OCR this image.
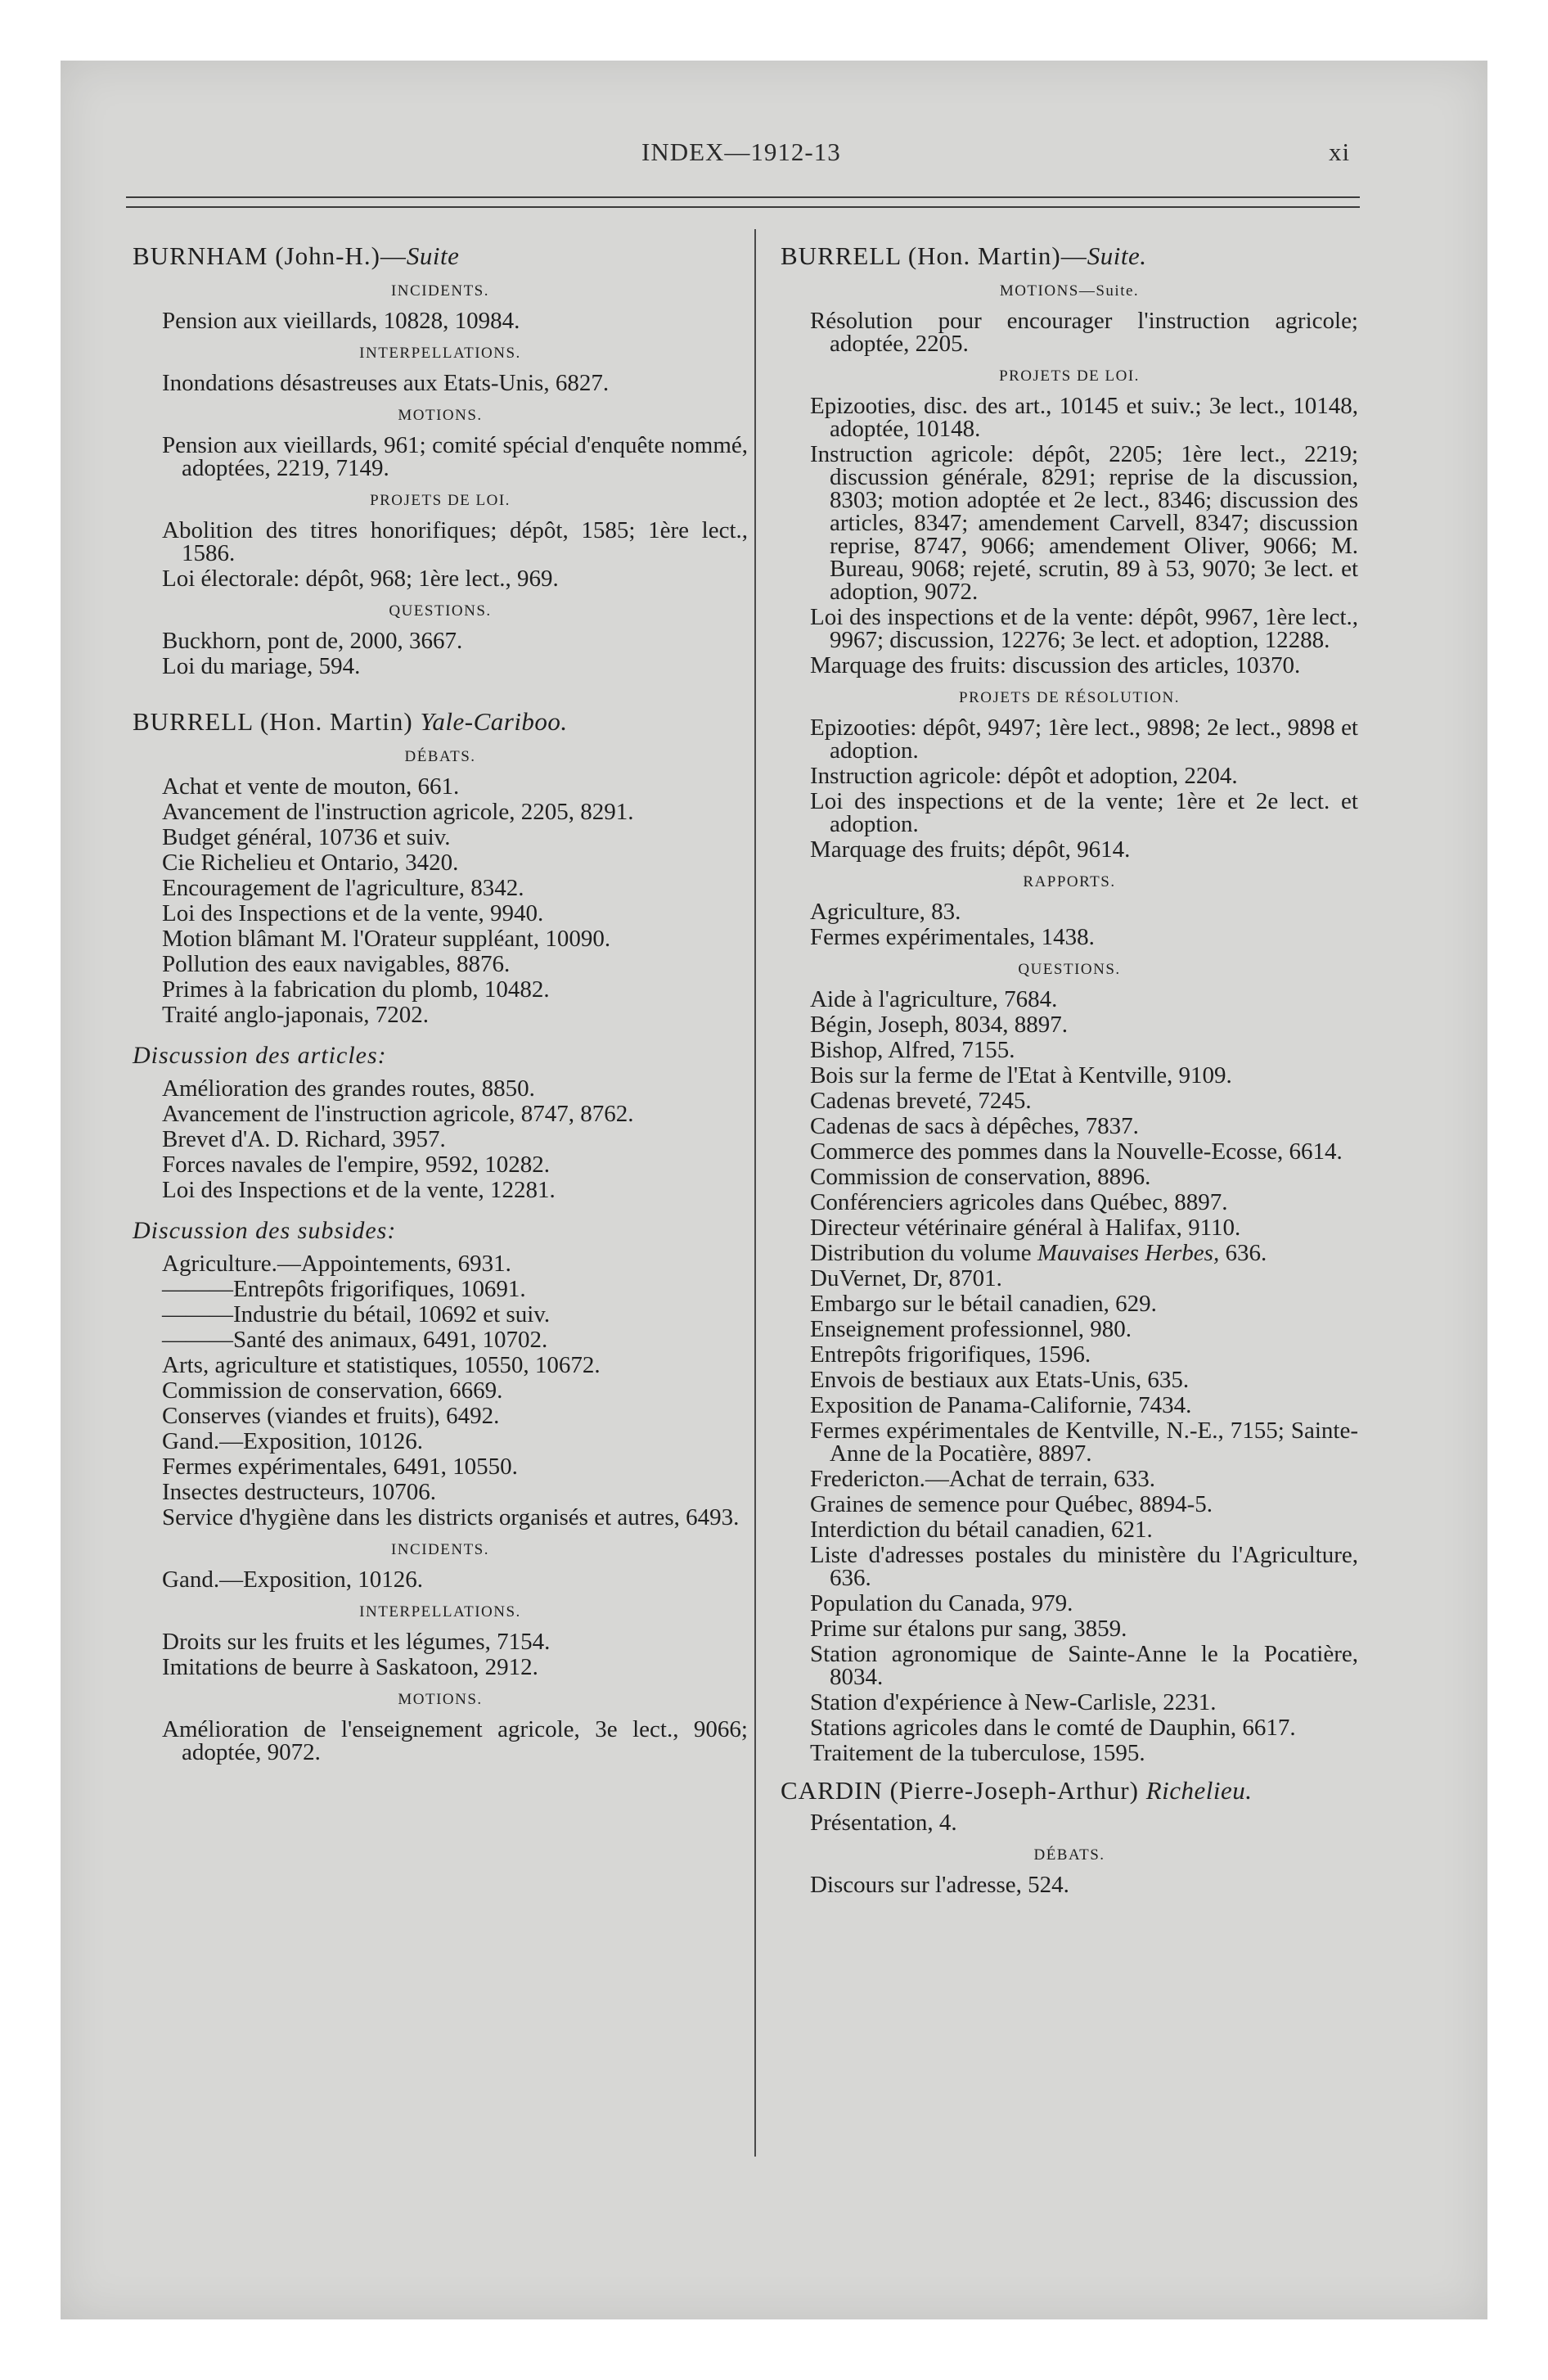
INDEX—1912-13	xi
BURNHAM (John-H.)—Suite
INCIDENTS.
Pension aux vieillards, 10828, 10984.
INTERPELLATIONS.
Inondations désastreuses aux Etats-Unis, 6827.
MOTIONS.
Pension aux vieillards, 961; comité spécial d'enquête nommé, adoptées, 2219, 7149.
PROJETS DE LOI.
Abolition des titres honorifiques; dépôt, 1585; 1ère lect., 1586.
Loi électorale: dépôt, 968; 1ère lect., 969.
QUESTIONS.
Buckhorn, pont de, 2000, 3667.
Loi du mariage, 594.
BURRELL (Hon. Martin) Yale-Cariboo.
DÉBATS.
Achat et vente de mouton, 661.
Avancement de l'instruction agricole, 2205, 8291.
Budget général, 10736 et suiv.
Cie Richelieu et Ontario, 3420.
Encouragement de l'agriculture, 8342.
Loi des Inspections et de la vente, 9940.
Motion blâmant M. l'Orateur suppléant, 10090.
Pollution des eaux navigables, 8876.
Primes à la fabrication du plomb, 10482.
Traité anglo-japonais, 7202.
Discussion des articles:
Amélioration des grandes routes, 8850.
Avancement de l'instruction agricole, 8747, 8762.
Brevet d'A. D. Richard, 3957.
Forces navales de l'empire, 9592, 10282.
Loi des Inspections et de la vente, 12281.
Discussion des subsides:
Agriculture.—Appointements, 6931.
———Entrepôts frigorifiques, 10691.
———Industrie du bétail, 10692 et suiv.
———Santé des animaux, 6491, 10702.
Arts, agriculture et statistiques, 10550, 10672.
Commission de conservation, 6669.
Conserves (viandes et fruits), 6492.
Gand.—Exposition, 10126.
Fermes expérimentales, 6491, 10550.
Insectes destructeurs, 10706.
Service d'hygiène dans les districts organisés et autres, 6493.
INCIDENTS.
Gand.—Exposition, 10126.
INTERPELLATIONS.
Droits sur les fruits et les légumes, 7154.
Imitations de beurre à Saskatoon, 2912.
MOTIONS.
Amélioration de l'enseignement agricole, 3e lect., 9066; adoptée, 9072.
BURRELL (Hon. Martin)—Suite.
MOTIONS—Suite.
Résolution pour encourager l'instruction agricole; adoptée, 2205.
PROJETS DE LOI.
Epizooties, disc. des art., 10145 et suiv.; 3e lect., 10148, adoptée, 10148.
Instruction agricole: dépôt, 2205; 1ère lect., 2219; discussion générale, 8291; reprise de la discussion, 8303; motion adoptée et 2e lect., 8346; discussion des articles, 8347; amendement Carvell, 8347; discussion reprise, 8747, 9066; amendement Oliver, 9066; M. Bureau, 9068; rejeté, scrutin, 89 à 53, 9070; 3e lect. et adoption, 9072.
Loi des inspections et de la vente: dépôt, 9967, 1ère lect., 9967; discussion, 12276; 3e lect. et adoption, 12288.
Marquage des fruits: discussion des articles, 10370.
PROJETS DE RÉSOLUTION.
Epizooties: dépôt, 9497; 1ère lect., 9898; 2e lect., 9898 et adoption.
Instruction agricole: dépôt et adoption, 2204.
Loi des inspections et de la vente; 1ère et 2e lect. et adoption.
Marquage des fruits; dépôt, 9614.
RAPPORTS.
Agriculture, 83.
Fermes expérimentales, 1438.
QUESTIONS.
Aide à l'agriculture, 7684.
Bégin, Joseph, 8034, 8897.
Bishop, Alfred, 7155.
Bois sur la ferme de l'Etat à Kentville, 9109.
Cadenas breveté, 7245.
Cadenas de sacs à dépêches, 7837.
Commerce des pommes dans la Nouvelle-Ecosse, 6614.
Commission de conservation, 8896.
Conférenciers agricoles dans Québec, 8897.
Directeur vétérinaire général à Halifax, 9110.
Distribution du volume Mauvaises Herbes, 636.
DuVernet, Dr, 8701.
Embargo sur le bétail canadien, 629.
Enseignement professionnel, 980.
Entrepôts frigorifiques, 1596.
Envois de bestiaux aux Etats-Unis, 635.
Exposition de Panama-Californie, 7434.
Fermes expérimentales de Kentville, N.-E., 7155; Sainte-Anne de la Pocatière, 8897.
Fredericton.—Achat de terrain, 633.
Graines de semence pour Québec, 8894-5.
Interdiction du bétail canadien, 621.
Liste d'adresses postales du ministère du l'Agriculture, 636.
Population du Canada, 979.
Prime sur étalons pur sang, 3859.
Station agronomique de Sainte-Anne le la Pocatière, 8034.
Station d'expérience à New-Carlisle, 2231.
Stations agricoles dans le comté de Dauphin, 6617.
Traitement de la tuberculose, 1595.
CARDIN (Pierre-Joseph-Arthur) Richelieu.
Présentation, 4.
DÉBATS.
Discours sur l'adresse, 524.
